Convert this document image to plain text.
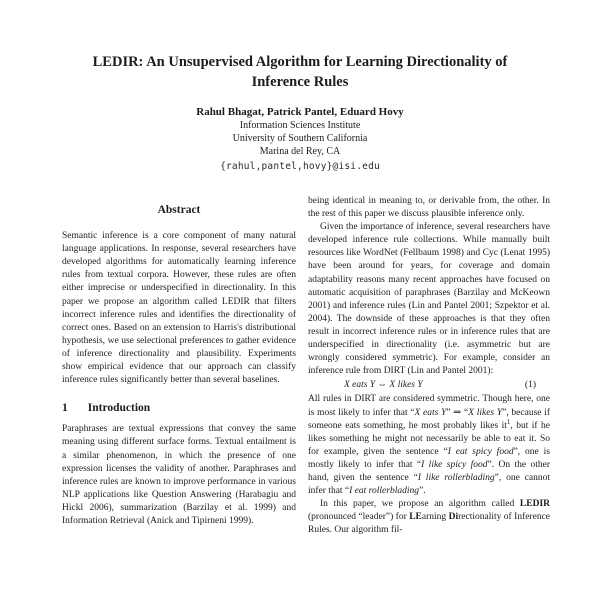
LEDIR: An Unsupervised Algorithm for Learning Directionality of Inference Rules
Rahul Bhagat, Patrick Pantel, Eduard Hovy
Information Sciences Institute
University of Southern California
Marina del Rey, CA
{rahul,pantel,hovy}@isi.edu
Abstract

Semantic inference is a core component of many natural language applications. In response, several researchers have developed algorithms for automatically learning inference rules from textual corpora. However, these rules are often either imprecise or underspecified in directionality. In this paper we propose an algorithm called LEDIR that filters incorrect inference rules and identifies the directionality of correct ones. Based on an extension to Harris's distributional hypothesis, we use selectional preferences to gather evidence of inference directionality and plausibility. Experiments show empirical evidence that our approach can classify inference rules significantly better than several baselines.

1 Introduction

Paraphrases are textual expressions that convey the same meaning using different surface forms. Textual entailment is a similar phenomenon, in which the presence of one expression licenses the validity of another. Paraphrases and inference rules are known to improve performance in various NLP applications like Question Answering (Harabagiu and Hickl 2006), summarization (Barzilay et al. 1999) and Information Retrieval (Anick and Tipirneni 1999).

being identical in meaning to, or derivable from, the other. In the rest of this paper we discuss plausible inference only.

Given the importance of inference, several researchers have developed inference rule collections. While manually built resources like WordNet (Fellbaum 1998) and Cyc (Lenat 1995) have been around for years, for coverage and domain adaptability reasons many recent approaches have focused on automatic acquisition of paraphrases (Barzilay and McKeown 2001) and inference rules (Lin and Pantel 2001; Szpektor et al. 2004). The downside of these approaches is that they often result in incorrect inference rules or in inference rules that are underspecified in directionality (i.e. asymmetric but are wrongly considered symmetric). For example, consider an inference rule from DIRT (Lin and Pantel 2001):

X eats Y ⇔ X likes Y	(1)

All rules in DIRT are considered symmetric. Though here, one is most likely to infer that “X eats Y” ⇒ “X likes Y”, because if someone eats something, he most probably likes $it^1$, but if he likes something he might not necessarily be able to eat it. So for example, given the sentence “I eat spicy food”, one is mostly likely to infer that “I like spicy food”. On the other hand, given the sentence “I like rollerblading”, one cannot infer that “I eat rollerblading”.

In this paper, we propose an algorithm called LEDIR (pronounced “leader”) for LEarning Directionality of Inference Rules. Our algorithm fil-
